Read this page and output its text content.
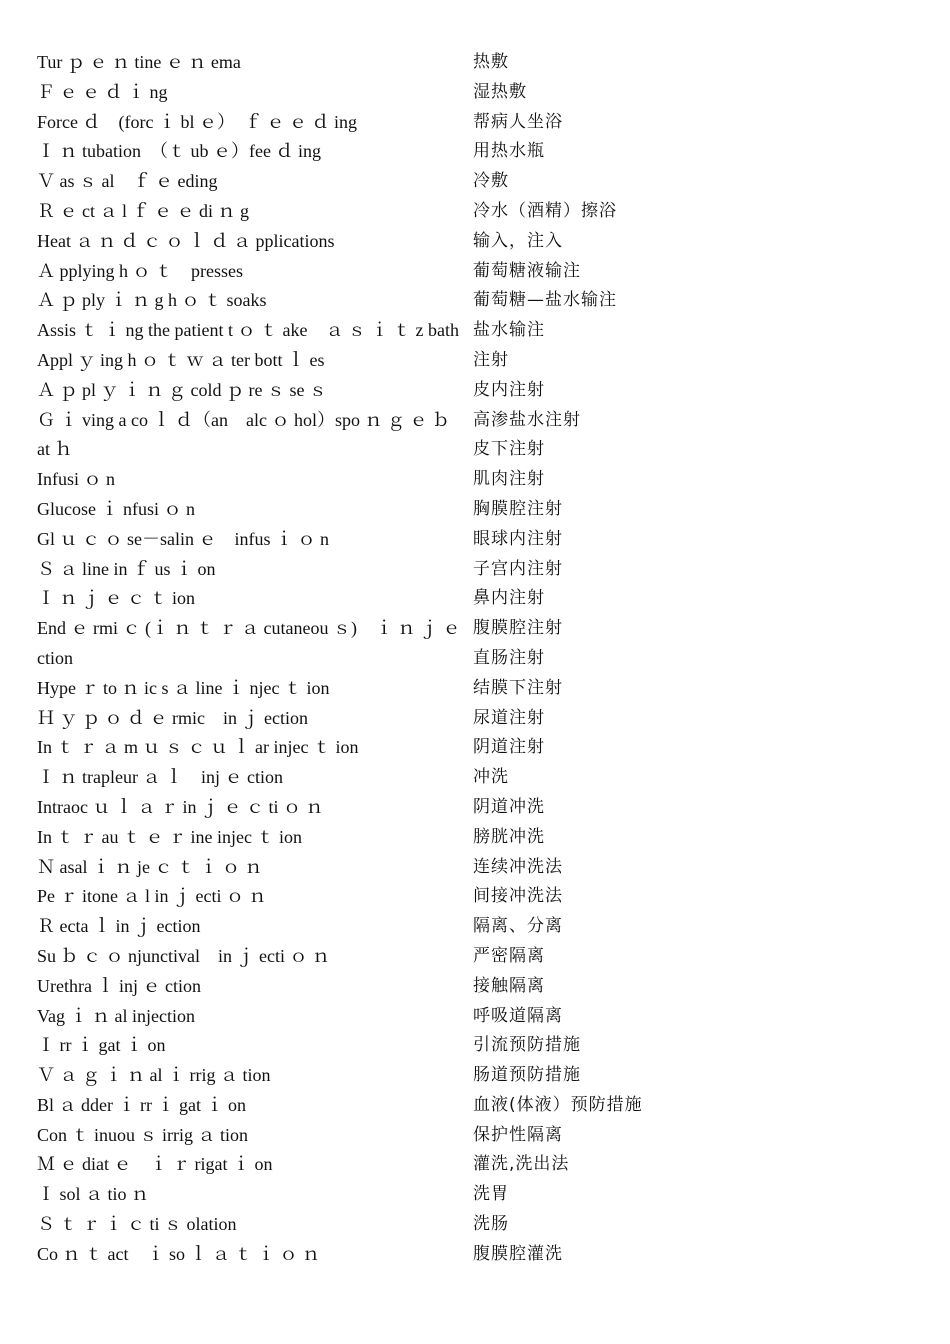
Tur ｐ ｅ ｎ tine ｅ ｎ ema
Ｆ ｅ ｅ ｄ ｉ ng
Force ｄ　(forc ｉ bl ｅ）　ｆ ｅ ｅ ｄ ing
Ｉ ｎ tubation　（ｔ ub ｅ）fee ｄ ing
Ｖ as ｓ al　ｆ ｅ eding
Ｒ ｅ ct ａ l ｆ ｅ ｅ di ｎ g
Heat ａ ｎ ｄ ｃ ｏ ｌ ｄ ａ pplications
Ａ pplying h ｏ ｔ　presses
Ａ ｐ ply ｉ ｎ g h ｏ ｔ soaks
Assis ｔ ｉ ng the patient t ｏ ｔ ake　ａ ｓ ｉ ｔ z bath
Appl ｙ ing h ｏ ｔ ｗ ａ ter bott ｌ es
Ａ ｐ pl ｙ ｉ ｎ ｇ cold ｐ re ｓ se ｓ
Ｇ ｉ ving a co ｌ ｄ（an　alc ｏ hol）spo ｎ ｇ ｅ ｂ
at ｈ
Infusi ｏ n
Glucose ｉ nfusi ｏ n
Gl ｕ ｃ ｏ se－salin ｅ　infus ｉ ｏ n
Ｓ ａ line in ｆ us ｉ on
Ｉ ｎ ｊ ｅ ｃ ｔ ion
End ｅ rmi ｃ (ｉ ｎ ｔ ｒ ａ cutaneou ｓ)　ｉ ｎ ｊ ｅ
ction
Hype ｒ to ｎ ic s ａ line ｉ njec ｔ ion
Ｈ ｙ ｐ ｏ ｄ ｅ rmic　in ｊ ection
In ｔ ｒ ａ m ｕ ｓ ｃ ｕ ｌ ar injec ｔ ion
Ｉ ｎ trapleur ａ ｌ　inj ｅ ction
Intraoc ｕ ｌ ａ ｒ in ｊ ｅ ｃ ti ｏ ｎ
In ｔ ｒ au ｔ ｅ ｒ ine injec ｔ ion
Ｎ asal ｉ ｎ je ｃ ｔ ｉ ｏ ｎ
Pe ｒ itone ａ l in ｊ ecti ｏ ｎ
Ｒ ecta ｌ in ｊ ection
Su ｂ ｃ ｏ njunctival　in ｊ ecti ｏ ｎ
Urethra ｌ inj ｅ ction
Vag ｉ ｎ al injection
Ｉ rr ｉ gat ｉ on
Ｖ ａ ｇ ｉ ｎ al ｉ rrig ａ tion
Bl ａ dder ｉ rr ｉ gat ｉ on
Con ｔ inuou ｓ irrig ａ tion
Ｍ ｅ diat ｅ　ｉ ｒ rigat ｉ on
Ｉ sol ａ tio ｎ
Ｓ ｔ ｒ ｉ ｃ ti ｓ olation
Co ｎ ｔ act　ｉ so ｌ ａ ｔ ｉ ｏ ｎ
热敷
湿热敷
帮病人坐浴
用热水瓶
冷敷
冷水（酒精）擦浴
输入，注入
葡萄糖液输注
葡萄糖—盐水输注
盐水输注
注射
皮内注射
高渗盐水注射
皮下注射
肌肉注射
胸膜腔注射
眼球内注射
子宫内注射
鼻内注射
腹膜腔注射
直肠注射
结膜下注射
尿道注射
阴道注射
冲洗
阴道冲洗
膀胱冲洗
连续冲洗法
间接冲洗法
隔离、分离
严密隔离
接触隔离
呼吸道隔离
引流预防措施
肠道预防措施
血液(体液）预防措施
保护性隔离
灌洗,洗出法
洗胃
洗肠
腹膜腔灌洗
